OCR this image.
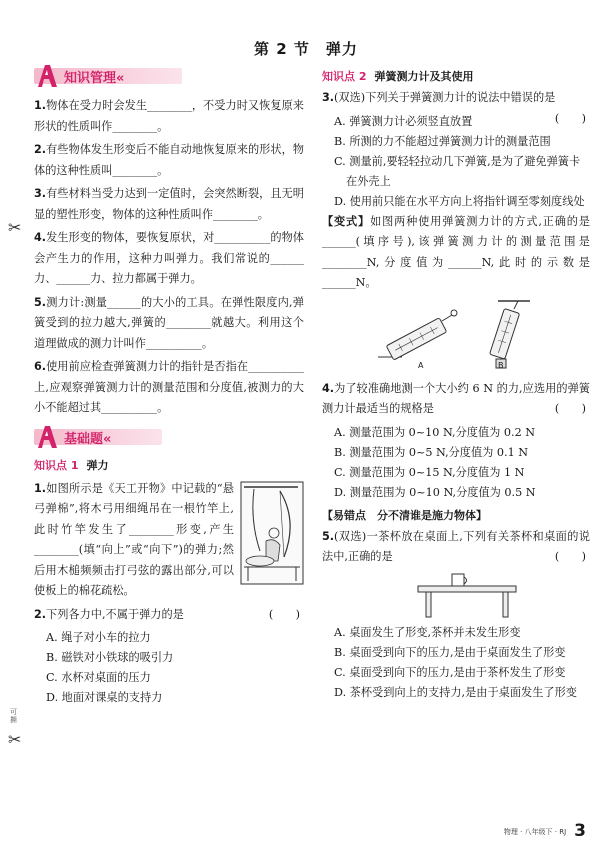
第 2 节　弹力
✂
可撕
✂
知识管理«
1.物体在受力时会发生________，不受力时又恢复原来形状的性质叫作________。
2.有些物体发生形变后不能自动地恢复原来的形状，物体的这种性质叫________。
3.有些材料当受力达到一定值时，会突然断裂，且无明显的塑性形变，物体的这种性质叫作________。
4.发生形变的物体，要恢复原状，对__________的物体会产生力的作用，这种力叫弹力。我们常说的______力、______力、拉力都属于弹力。
5.测力计:测量______的大小的工具。在弹性限度内,弹簧受到的拉力越大,弹簧的________就越大。利用这个道理做成的测力计叫作__________。
6.使用前应检查弹簧测力计的指针是否指在__________上,应观察弹簧测力计的测量范围和分度值,被测力的大小不能超过其__________。
基础题«
知识点 1 弹力
1.如图所示是《天工开物》中记载的“悬弓弹棉”,将木弓用细绳吊在一根竹竿上,此时竹竿发生了________形变,产生________(填“向上”或“向下”)的弹力;然后用木槌频频击打弓弦的露出部分,可以使板上的棉花疏松。
2.下列各力中,不属于弹力的是	(　　)
A. 绳子对小车的拉力
B. 磁铁对小铁球的吸引力
C. 水杯对桌面的压力
D. 地面对课桌的支持力
知识点 2 弹簧测力计及其使用
3.(双选)下列关于弹簧测力计的说法中错误的是
(　　)
A. 弹簧测力计必须竖直放置
B. 所测的力不能超过弹簧测力计的测量范围
C. 测量前,要轻轻拉动几下弹簧,是为了避免弹簧卡在外壳上
D. 使用前只能在水平方向上将指针调至零刻度线处
【变式】如图两种使用弹簧测力计的方式,正确的是______(填序号),该弹簧测力计的测量范围是________N,分度值为______N,此时的示数是______N。
A	B
4.为了较准确地测一个大小约 6 N 的力,应选用的弹簧测力计最适当的规格是	(　　)
A. 测量范围为 0~10 N,分度值为 0.2 N
B. 测量范围为 0~5 N,分度值为 0.1 N
C. 测量范围为 0~15 N,分度值为 1 N
D. 测量范围为 0~10 N,分度值为 0.5 N
【易错点　分不清谁是施力物体】
5.(双选)一茶杯放在桌面上,下列有关茶杯和桌面的说法中,正确的是	(　　)
A. 桌面发生了形变,茶杯并未发生形变
B. 桌面受到向下的压力,是由于桌面发生了形变
C. 桌面受到向下的压力,是由于茶杯发生了形变
D. 茶杯受到向上的支持力,是由于桌面发生了形变
物理 · 八年级下 · RJ 3
